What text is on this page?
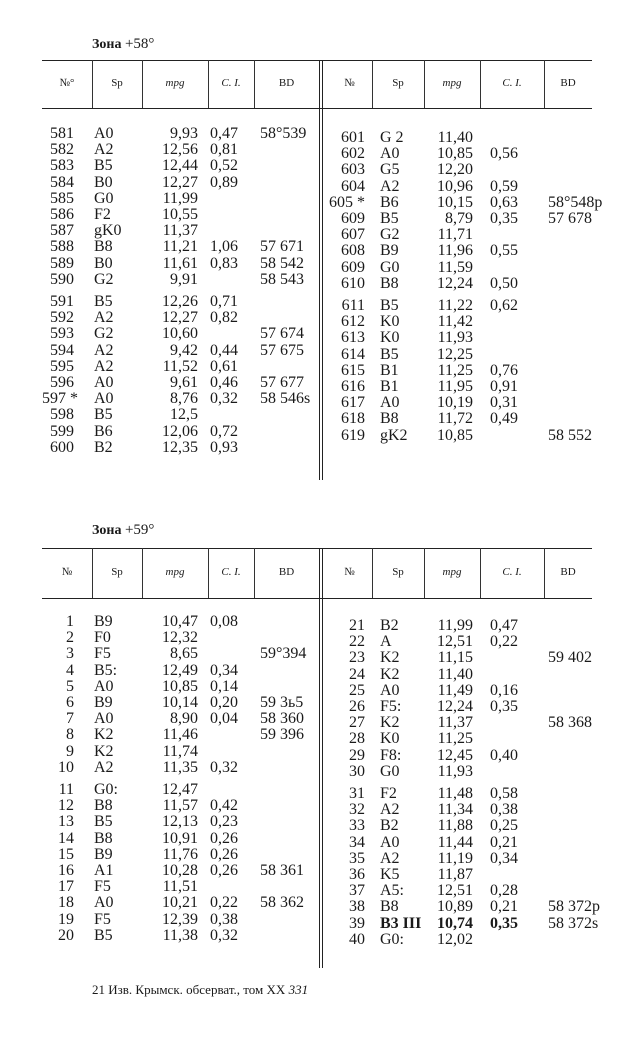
Зона +58°
№°	Sp	mpg	C. I.	BD	№	Sp	mpg	C. I.	BD
581 A0	9,93 0,47	58°539
582 A2	12,56 0,81
583 B5	12,44 0,52
584 B0	12,27 0,89
585 G0	11,99
586 F2	10,55
587 gK0	11,37
588 B8	11,21 1,06	57 671
589 B0	11,61 0,83	58 542
590 G2	9,91	58 543
591 B5	12,26 0,71
592 A2	12,27 0,82
593 G2	10,60	57 674
594 A2	9,42 0,44	57 675
595 A2	11,52 0,61
596 A0	9,61 0,46	57 677
597 * A0	8,76 0,32	58 546s
598 B5	12,5
599 B6	12,06 0,72
600 B2	12,35 0,93
601 G 2	11,40
602 A0	10,85 0,56
603 G5	12,20
604 A2	10,96 0,59
605 * B6	10,15 0,63	58°548p
609 B5	8,79 0,35	57 678
607 G2	11,71
608 B9	11,96 0,55
609 G0	11,59
610 B8	12,24 0,50
611 B5	11,22 0,62
612 K0	11,42
613 K0	11,93
614 B5	12,25
615 B1	11,25 0,76
616 B1	11,95 0,91
617 A0	10,19 0,31
618 B8	11,72 0,49
619 gK2	10,85	58 552
Зона +59°
№	Sp	mpg	C. I.	BD	№	Sp	mpg	C. I.	BD
1 B9	10,47 0,08
2 F0	12,32
3 F5	8,65	59°394
4 B5:	12,49 0,34
5 A0	10,85 0,14
6 B9	10,14 0,20	59 3ь5
7 A0	8,90 0,04	58 360
8 K2	11,46	59 396
9 K2	11,74
10 A2	11,35 0,32
11 G0:	12,47
12 B8	11,57 0,42
13 B5	12,13 0,23
14 B8	10,91 0,26
15 B9	11,76 0,26
16 A1	10,28 0,26	58 361
17 F5	11,51
18 A0	10,21 0,22	58 362
19 F5	12,39 0,38
20 B5	11,38 0,32
21 B2	11,99 0,47
22 A	12,51 0,22
23 K2	11,15	59 402
24 K2	11,40
25 A0	11,49 0,16
26 F5:	12,24 0,35
27 K2	11,37	58 368
28 K0	11,25
29 F8:	12,45 0,40
30 G0	11,93
31 F2	11,48 0,58
32 A2	11,34 0,38
33 B2	11,88 0,25
34 A0	11,44 0,21
35 A2	11,19 0,34
36 K5	11,87
37 A5:	12,51 0,28
38 B8	10,89 0,21	58 372p
39 B3 III 10,74 0,35	58 372s
40 G0:	12,02
21 Изв. Крымск. обсерват., том XX 331
